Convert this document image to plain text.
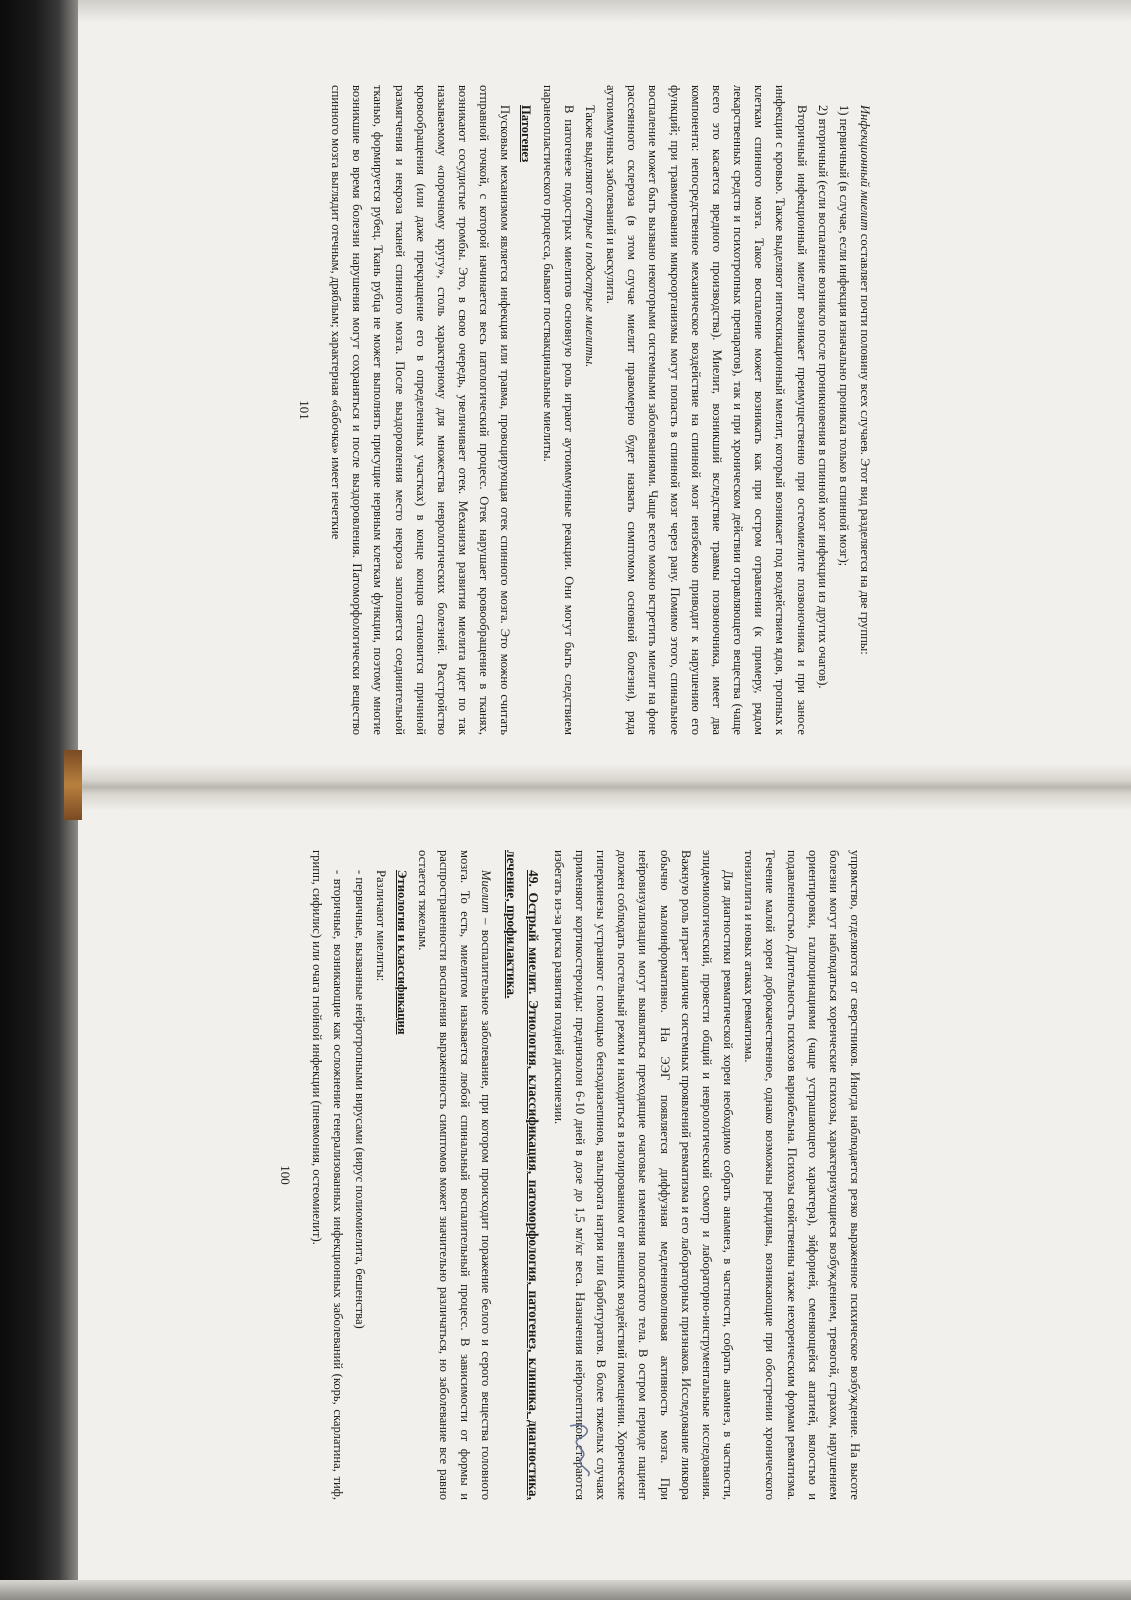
Инфекционный миелит составляет почти половину всех случаев. Этот вид разделяется на две группы:

1) первичный (в случае, если инфекция изначально проникла только в спинной мозг);

2) вторичный (если воспаление возникло после проникновения в спинной мозг инфекции из других очагов).

Вторичный инфекционный миелит возникает преимущественно при остеомиелите позвоночника и при заносе инфекции с кровью. Также выделяют интоксикационный миелит, который возникает под воздействием ядов, тропных к клеткам спинного мозга. Такое воспаление может возникать как при остром отравлении (к примеру, рядом лекарственных средств и психотропных препаратов), так и при хроническом действии отравляющего вещества (чаще всего это касается вредного производства). Миелит, возникший вследствие травмы позвоночника, имеет два компонента: непосредственное механическое воздействие на спинной мозг неизбежно приводит к нарушению его функций; при травмировании микроорганизмы могут попасть в спинной мозг через рану. Помимо этого, спинальное воспаление может быть вызвано некоторыми системными заболеваниями. Чаще всего можно встретить миелит на фоне рассеянного склероза (в этом случае миелит правомерно будет назвать симптомом основной болезни), ряда аутоиммунных заболеваний и васкулита.

Также выделяют острые и подострые миелиты.

В патогенезе подострых миелитов основную роль играют аутоиммунные реакции. Они могут быть следствием паранеопластического процесса, бывают поствакцинальные миелиты.

Патогенез

Пусковым механизмом является инфекция или травма, провоцирующая отек спинного мозга. Это можно считать отправной точкой, с которой начинается весь патологический процесс. Отек нарушает кровообращение в тканях, возникают сосудистые тромбы. Это, в свою очередь, увеличивает отек. Механизм развития миелита идет по так называемому «порочному кругу», столь характерному для множества неврологических болезней. Расстройство кровообращения (или даже прекращение его в определенных участках) в конце концов становится причиной размягчения и некроза тканей спинного мозга. После выздоровления место некроза заполняется соединительной тканью, формируется рубец. Ткань рубца не может выполнять присущие нервным клеткам функции, поэтому многие возникшие во время болезни нарушения могут сохраняться и после выздоровления. Патоморфологически вещество спинного мозга выглядит отечным, дряблым; характерная «бабочка» имеет нечеткие

101

упрямство, отделяются от сверстников. Иногда наблюдается резко выраженное психическое возбуждение. На высоте болезни могут наблюдаться хореические психозы, характеризующиеся возбуждением, тревогой, страхом, нарушением ориентировки, галлюцинациями (чаще устрашающего характера), эйфорией, сменяющейся апатией, вялостью и подавленностью. Длительность психозов вариабельна. Психозы свойственны также нехореическим формам ревматизма. Течение малой хореи доброкачественное, однако возможны рецидивы, возникающие при обострении хронического тонзиллита и новых атаках ревматизма.

Для диагностики ревматической хореи необходимо собрать анамнез, в частности, собрать анамнез, в частности, эпидемиологический, провести общий и неврологический осмотр и лабораторно-инструментальные исследования. Важную роль играет наличие системных проявлений ревматизма и его лабораторных признаков. Исследование ликвора обычно малоинформативно. На ЭЭГ появляется диффузная медленноволновая активность мозга. При нейровизуализации могут выявляться преходящие очаговые изменения полосатого тела. В остром периоде пациент должен соблюдать постельный режим и находиться в изолированном от внешних воздействий помещении. Хореические гиперкинезы устраняют с помощью бензодиазепинов, вальпроата натрия или барбитуратов. В более тяжелых случаях применяют кортикостероиды: преднизолон 6-10 дней в дозе до 1,5 мг/кг веса. Назначения нейролептиков стараются избегать из-за риска развития поздней дискинезии.

49. Острый миелит. Этиология, классификация, патоморфология, патогенез, клиника, диагностика, лечение, профилактика.

Миелит – воспалительное заболевание, при котором происходит поражение белого и серого вещества головного мозга. То есть, миелитом называется любой спинальный воспалительный процесс. В зависимости от формы и распространенности воспаления выраженность симптомов может значительно различаться, но заболевание все равно остается тяжелым.

Этиология и классификация

Различают миелиты:

- первичные, вызванные нейротропными вирусами (вирус полиомиелита, бешенства)

- вторичные, возникающие как осложнение генерализованных инфекционных заболеваний (корь, скарлатина, тиф, грипп, сифилис) или очага гнойной инфекции (пневмония, остеомиелит).

100
